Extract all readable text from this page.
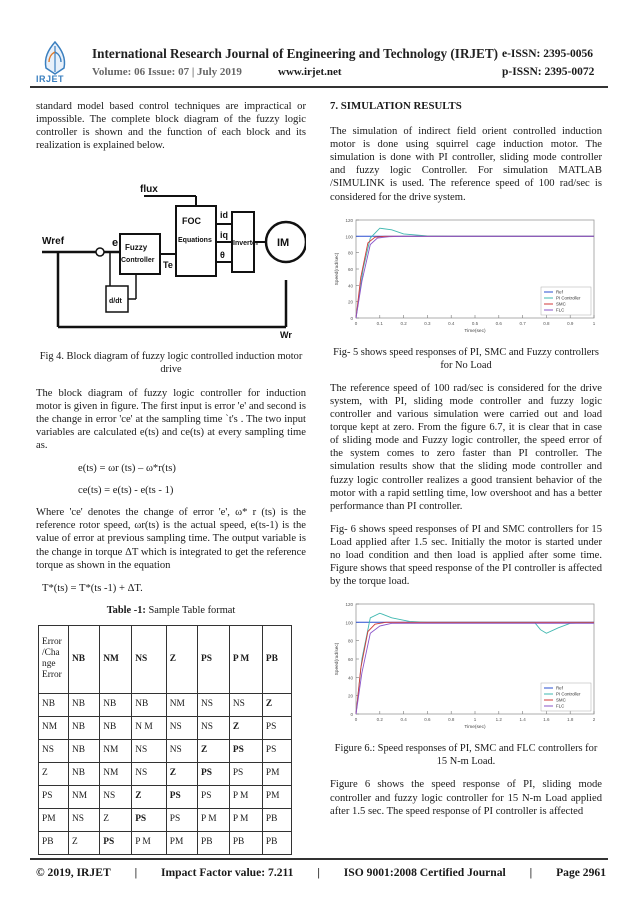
IRJET
International Research Journal of Engineering and Technology (IRJET) e-ISSN: 2395-0056
Volume: 06 Issue: 07 | July 2019	www.irjet.net	p-ISSN: 2395-0072

standard model based control techniques are impractical or impossible. The complete block diagram of the fuzzy logic controller is shown and the function of each block and its realization is explained below.

flux
FOC
Equations
id
iq
θ
Inverter IM
Wref	e Fuzzy
Controller Te
d/dt
Wr
Fig 4. Block diagram of fuzzy logic controlled induction motor drive

The block diagram of fuzzy logic controller for induction motor is given in figure. The first input is error 'e' and second is the change in error 'ce' at the sampling time `t's . The two input variables are calculated e(ts) and ce(ts) at every sampling time as.

e(ts) = ωr (ts) – ω*r(ts)
ce(ts) = e(ts) - e(ts - 1)

Where 'ce' denotes the change of error 'e', ω* r (ts) is the reference rotor speed, ωr(ts) is the actual speed, e(ts-1) is the value of error at previous sampling time. The output variable is the change in torque ΔT which is integrated to get the reference torque as shown in the equation

T*(ts) = T*(ts -1) + ΔT.
Table -1: Sample Table format
Error /Cha nge Error	NB	NM	NS	Z	PS	P M	PB
NB	NB	NB	NB	NM	NS	NS	Z
NM	NB	NB	N M	NS	NS	Z	PS
NS	NB	NM	NS	NS	Z	PS	PS
Z	NB	NM	NS	Z	PS	PS	PM
PS	NM	NS	Z	PS	PS	P M	PM
PM	NS	Z	PS	PS	P M	P M	PB
PB	Z	PS	P M	PM	PB	PB	PB
7. SIMULATION RESULTS

The simulation of indirect field orient controlled induction motor is done using squirrel cage induction motor. The simulation is done with PI controller, sliding mode controller and fuzzy logic Controller. For simulation MATLAB /SIMULINK is used. The reference speed of 100 rad/sec is considered for the drive system.

0
20
40
60
80
100
120
0	0.1	0.2	0.3	0.4	0.5	0.6	0.7	0.8	0.9	1
Time(sec)
Speed(rad/sec)
Ref
PI Controller
SMC
FLC
Fig- 5 shows speed responses of PI, SMC and Fuzzy controllers for No Load

The reference speed of 100 rad/sec is considered for the drive system, with PI, sliding mode controller and fuzzy logic controller and various simulation were carried out and load torque kept at zero. From the figure 6.7, it is clear that in case of sliding mode and Fuzzy logic controller, the speed error of the system comes to zero faster than PI controller. The simulation results show that the sliding mode controller and fuzzy logic controller realizes a good transient behavior of the motor with a rapid settling time, low overshoot and has a better performance than PI controller.

Fig- 6 shows speed responses of PI and SMC controllers for 15 Load applied after 1.5 sec. Initially the motor is started under no load condition and then load is applied after some time. Figure shows that speed response of the PI controller is affected by the torque load.

0
20
40
60
80
100
120
0	0.2	0.4	0.6	0.8	1	1.2	1.4	1.6	1.8	2
Time(sec)
Speed(rad/sec)
Ref
PI Controller
SMC
FLC
Figure 6.: Speed responses of PI, SMC and FLC controllers for 15 N-m Load.

Figure 6 shows the speed response of PI, sliding mode controller and fuzzy logic controller for 15 N-m Load applied after 1.5 sec. The speed response of PI controller is affected

© 2019, IRJET | Impact Factor value: 7.211 | ISO 9001:2008 Certified Journal | Page 2961
